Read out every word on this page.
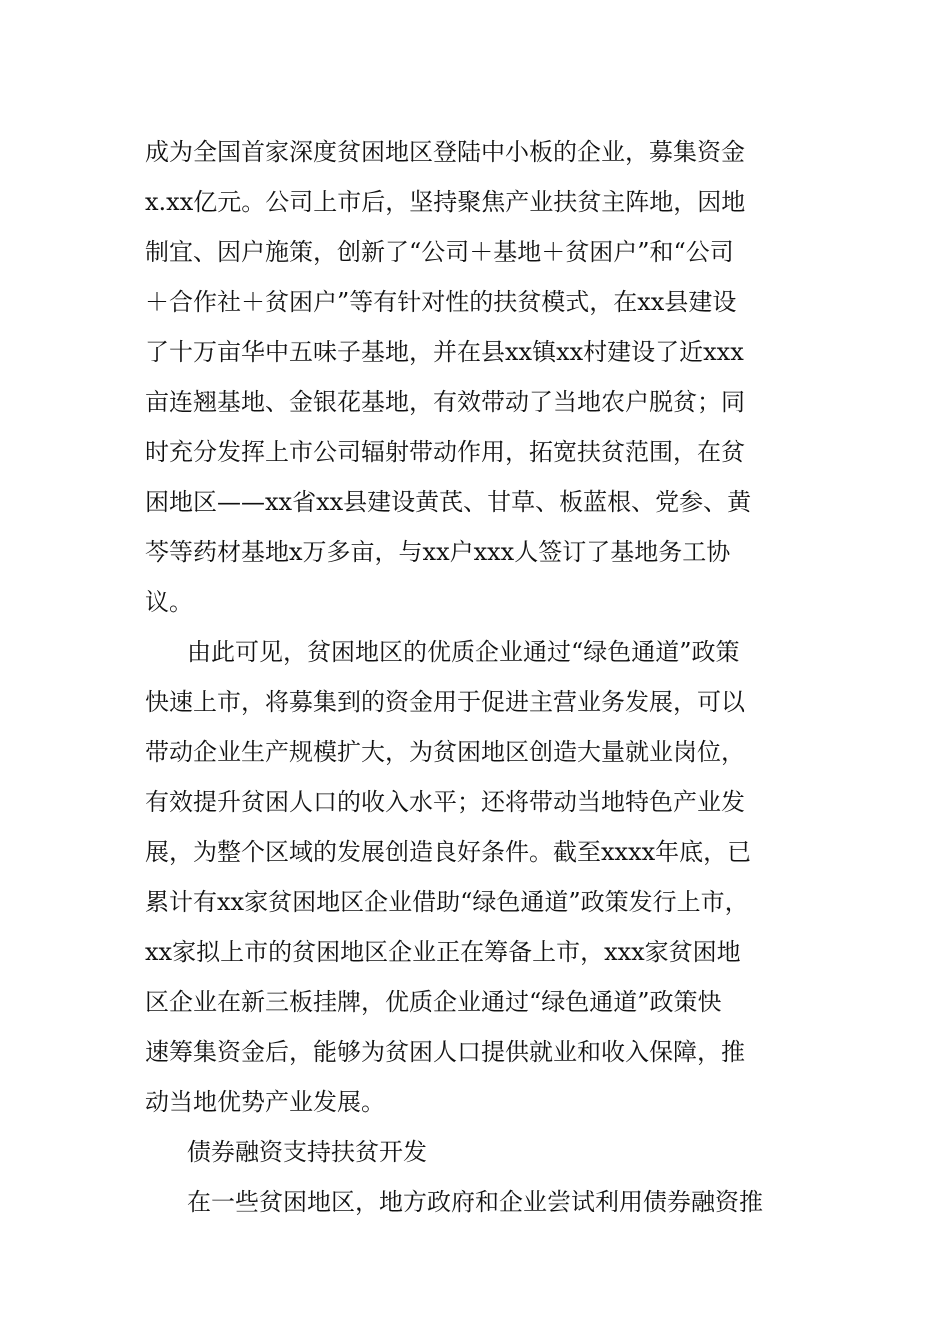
成为全国首家深度贫困地区登陆中小板的企业，募集资金
x.xx亿元。公司上市后，坚持聚焦产业扶贫主阵地，因地
制宜、因户施策，创新了“公司＋基地＋贫困户”和“公司
＋合作社＋贫困户”等有针对性的扶贫模式，在xx县建设
了十万亩华中五味子基地，并在县xx镇xx村建设了近xxx
亩连翘基地、金银花基地，有效带动了当地农户脱贫；同
时充分发挥上市公司辐射带动作用，拓宽扶贫范围，在贫
困地区——xx省xx县建设黄芪、甘草、板蓝根、党参、黄
芩等药材基地x万多亩，与xx户xxx人签订了基地务工协
议。
由此可见，贫困地区的优质企业通过“绿色通道”政策
快速上市，将募集到的资金用于促进主营业务发展，可以
带动企业生产规模扩大，为贫困地区创造大量就业岗位，
有效提升贫困人口的收入水平；还将带动当地特色产业发
展，为整个区域的发展创造良好条件。截至xxxx年底，已
累计有xx家贫困地区企业借助“绿色通道”政策发行上市，
xx家拟上市的贫困地区企业正在筹备上市，xxx家贫困地
区企业在新三板挂牌，优质企业通过“绿色通道”政策快
速筹集资金后，能够为贫困人口提供就业和收入保障，推
动当地优势产业发展。
债券融资支持扶贫开发
在一些贫困地区，地方政府和企业尝试利用债券融资推
